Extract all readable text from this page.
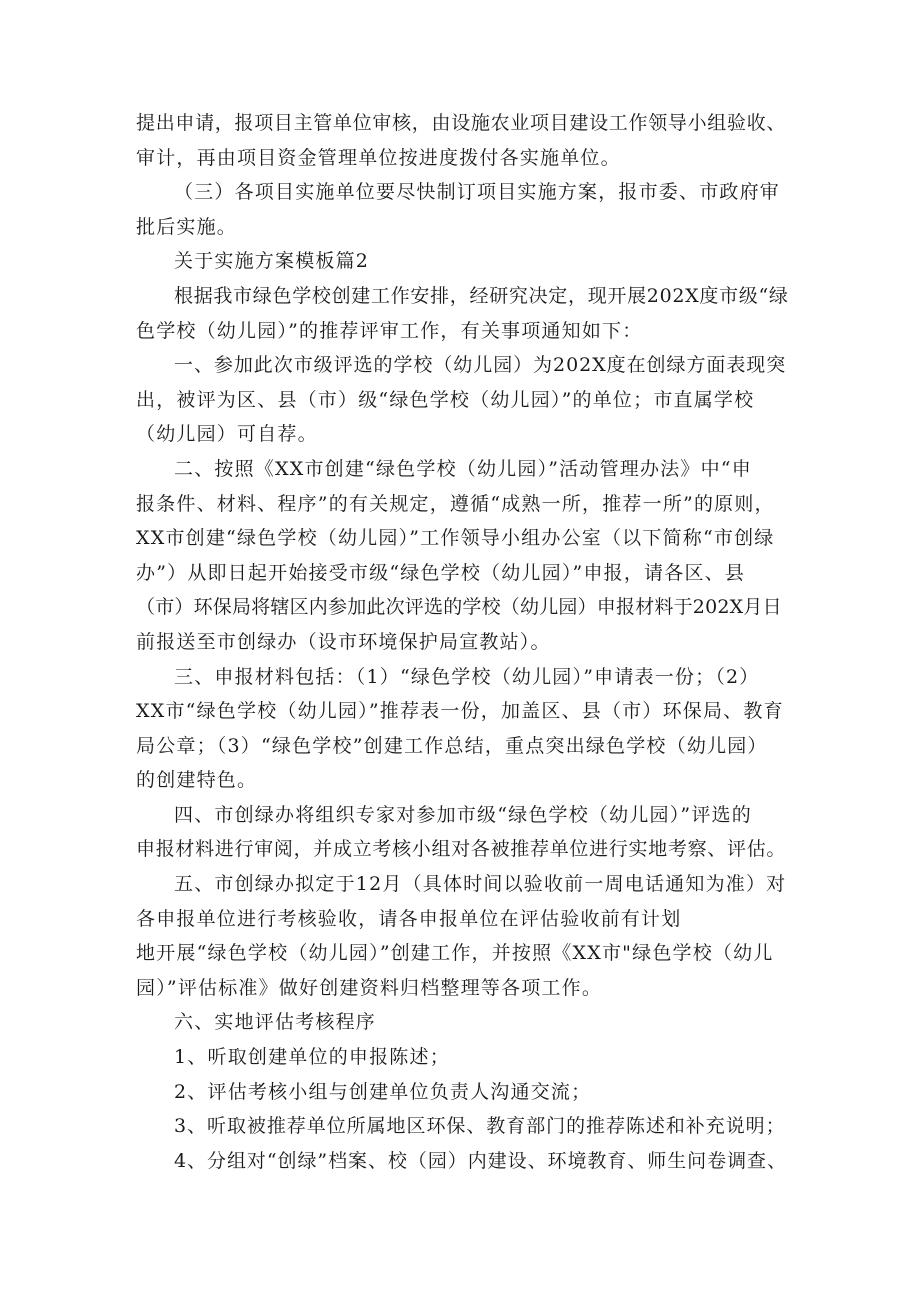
提出申请，报项目主管单位审核，由设施农业项目建设工作领导小组验收、
审计，再由项目资金管理单位按进度拨付各实施单位。
（三）各项目实施单位要尽快制订项目实施方案，报市委、市政府审
批后实施。
关于实施方案模板篇2
根据我市绿色学校创建工作安排，经研究决定，现开展202X度市级“绿
色学校（幼儿园）”的推荐评审工作，有关事项通知如下：
一、参加此次市级评选的学校（幼儿园）为202X度在创绿方面表现突
出，被评为区、县（市）级“绿色学校（幼儿园）”的单位；市直属学校
（幼儿园）可自荐。
二、按照《XX市创建“绿色学校（幼儿园）”活动管理办法》中“申
报条件、材料、程序”的有关规定，遵循“成熟一所，推荐一所”的原则，
XX市创建“绿色学校（幼儿园）”工作领导小组办公室（以下简称“市创绿
办”）从即日起开始接受市级“绿色学校（幼儿园）”申报，请各区、县
（市）环保局将辖区内参加此次评选的学校（幼儿园）申报材料于202X月日
前报送至市创绿办（设市环境保护局宣教站）。
三、申报材料包括：（1）“绿色学校（幼儿园）”申请表一份；（2）
XX市“绿色学校（幼儿园）”推荐表一份，加盖区、县（市）环保局、教育
局公章；（3）“绿色学校”创建工作总结，重点突出绿色学校（幼儿园）
的创建特色。
四、市创绿办将组织专家对参加市级“绿色学校（幼儿园）”评选的
申报材料进行审阅，并成立考核小组对各被推荐单位进行实地考察、评估。
五、市创绿办拟定于12月（具体时间以验收前一周电话通知为准）对
各申报单位进行考核验收，请各申报单位在评估验收前有计划
地开展“绿色学校（幼儿园）”创建工作，并按照《XX市"绿色学校（幼儿
园）”评估标准》做好创建资料归档整理等各项工作。
六、实地评估考核程序
1、听取创建单位的申报陈述；
2、评估考核小组与创建单位负责人沟通交流；
3、听取被推荐单位所属地区环保、教育部门的推荐陈述和补充说明；
4、分组对“创绿”档案、校（园）内建设、环境教育、师生问卷调查、
